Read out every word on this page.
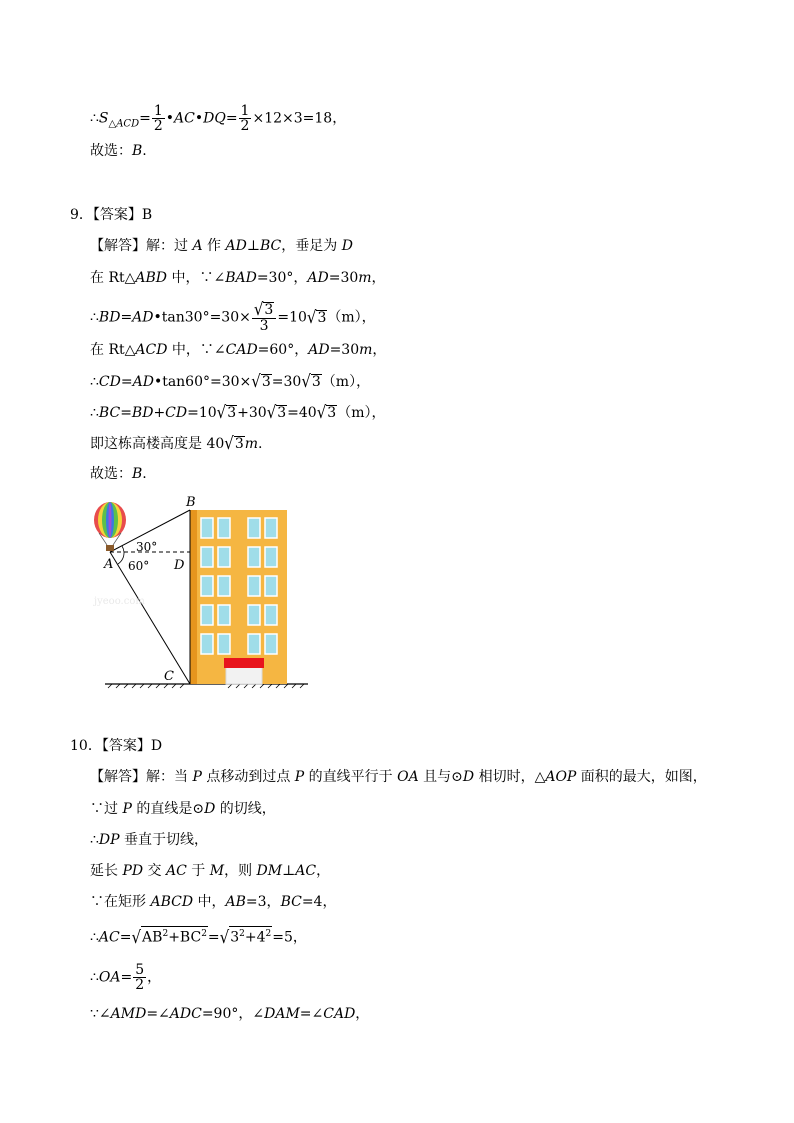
$\therefore S_{\triangle ACD}= \frac{1}{2}$ •AC•DQ= $\frac{1}{2} \times 12\times 3=18$，
故选：B.
9．【答案】B
【解答】解：过 A 作 AD⊥BC，垂足为 D
在 Rt△ABD 中，∵∠BAD=30°，AD=30m，
∴BD=AD•tan30°=30× $\frac{√3}{3} =10√3(m)$，
在 Rt△ACD 中，∵∠CAD=60°，AD=30m，
∴CD=AD•tan60°=30×√3=30√3（m），
∴BC=BD+CD=10√3+30√3=40√3（m），
即这栋高楼高度是 40√3m.
故选：B.
B
A	D
C
30°
60°
jyeoo.com
10．【答案】D
【解答】解：当 P 点移动到过点 P 的直线平行于 OA 且与⊙D 相切时，△AOP 面积的最大，如图，
∵过 P 的直线是⊙D 的切线，
∴DP 垂直于切线，
延长 PD 交 AC 于 M，则 DM⊥AC，
∵在矩形 ABCD 中，AB=3，BC=4，
$\therefore AC=√AB^2+BC^2=√3^2+4^2=5$，
∴OA= $\frac{5}{2}$ ，
∵∠AMD=∠ADC=90°，∠DAM=∠CAD，
